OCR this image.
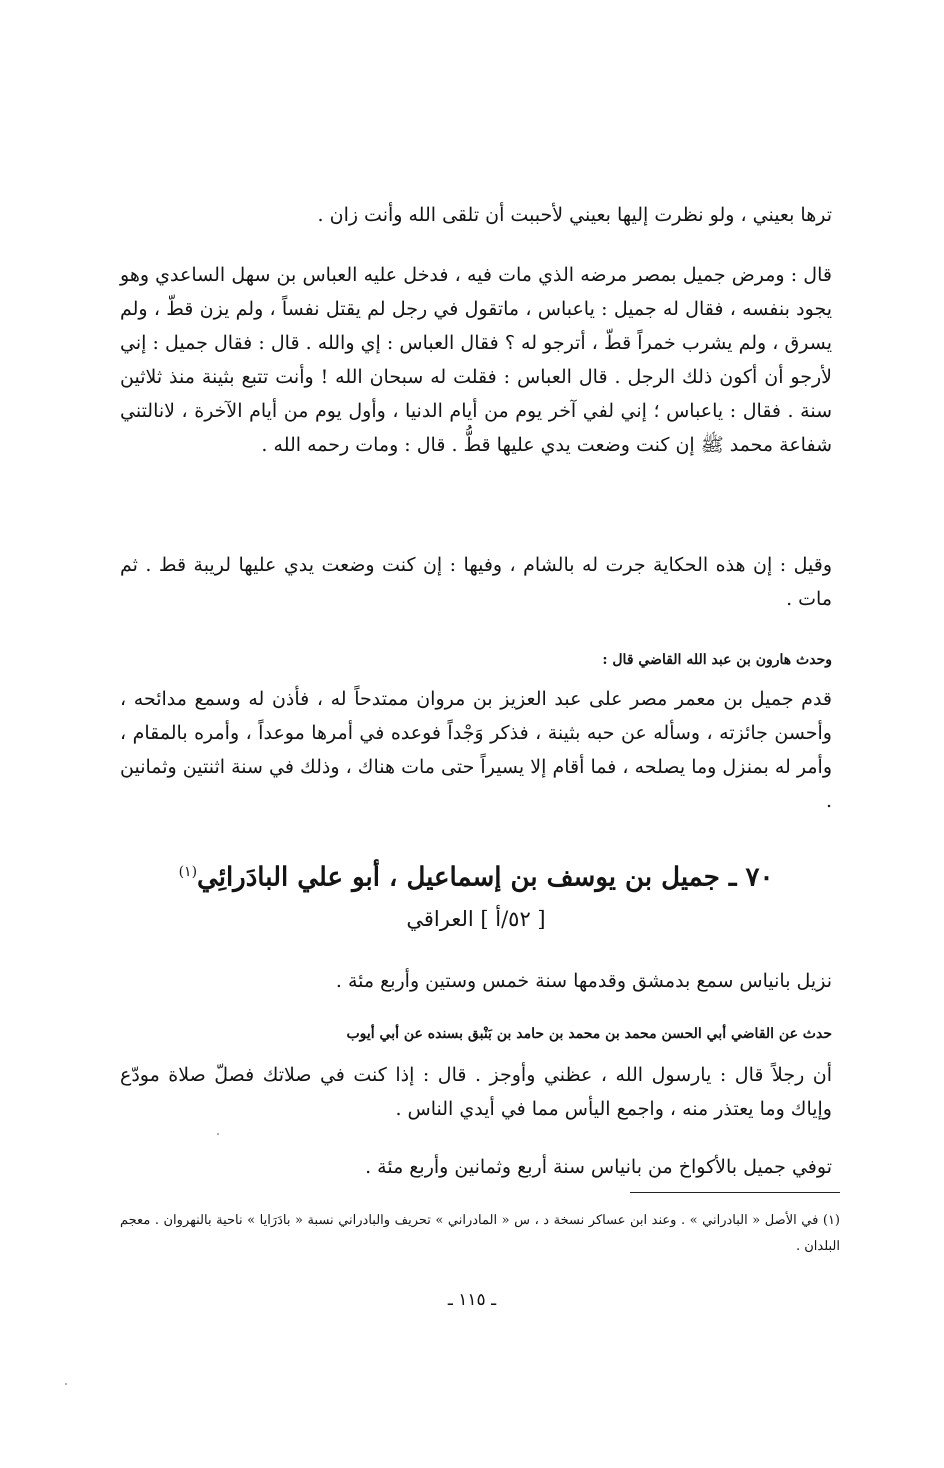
ترها بعيني ، ولو نظرت إليها بعيني لأحببت أن تلقى الله وأنت زان .
قال : ومرض جميل بمصر مرضه الذي مات فيه ، فدخل عليه العباس بن سهل الساعدي وهو يجود بنفسه ، فقال له جميل : ياعباس ، ماتقول في رجل لم يقتل نفساً ، ولم يزن قطّ ، ولم يسرق ، ولم يشرب خمراً قطّ ، أترجو له ؟ فقال العباس : إي والله . قال : فقال جميل : إني لأرجو أن أكون ذلك الرجل . قال العباس : فقلت له سبحان الله ! وأنت تتبع بثينة منذ ثلاثين سنة . فقال : ياعباس ؛ إني لفي آخر يوم من أيام الدنيا ، وأول يوم من أيام الآخرة ، لانالتني شفاعة محمد ﷺ إن كنت وضعت يدي عليها قطُّ . قال : ومات رحمه الله .
وقيل : إن هذه الحكاية جرت له بالشام ، وفيها : إن كنت وضعت يدي عليها لريبة قط . ثم مات .
وحدث هارون بن عبد الله القاضي قال :
قدم جميل بن معمر مصر على عبد العزيز بن مروان ممتدحاً له ، فأذن له وسمع مدائحه ، وأحسن جائزته ، وسأله عن حبه بثينة ، فذكر وَجْداً فوعده في أمرها موعداً ، وأمره بالمقام ، وأمر له بمنزل وما يصلحه ، فما أقام إلا يسيراً حتى مات هناك ، وذلك في سنة اثنتين وثمانين .
٧٠ ـ جميل بن يوسف بن إسماعيل ، أبو علي البادَرائِي$^{(١)}$
[ ٥٢/أ ] العراقي
نزيل بانياس سمع بدمشق وقدمها سنة خمس وستين وأربع مئة .
حدث عن القاضي أبي الحسن محمد بن محمد بن حامد بن بَنْبق بسنده عن أبي أيوب
أن رجلاً قال : يارسول الله ، عظني وأوجز . قال : إذا كنت في صلاتك فصلّ صلاة مودّع وإياك وما يعتذر منه ، واجمع اليأس مما في أيدي الناس .
توفي جميل بالأكواخ من بانياس سنة أربع وثمانين وأربع مئة .
(١) في الأصل « البادراني » . وعند ابن عساكر نسخة د ، س « المادراني » تحريف والبادراني نسبة « بادَرَايا » ناحية بالنهروان . معجم البلدان .
ـ ١١٥ ـ
